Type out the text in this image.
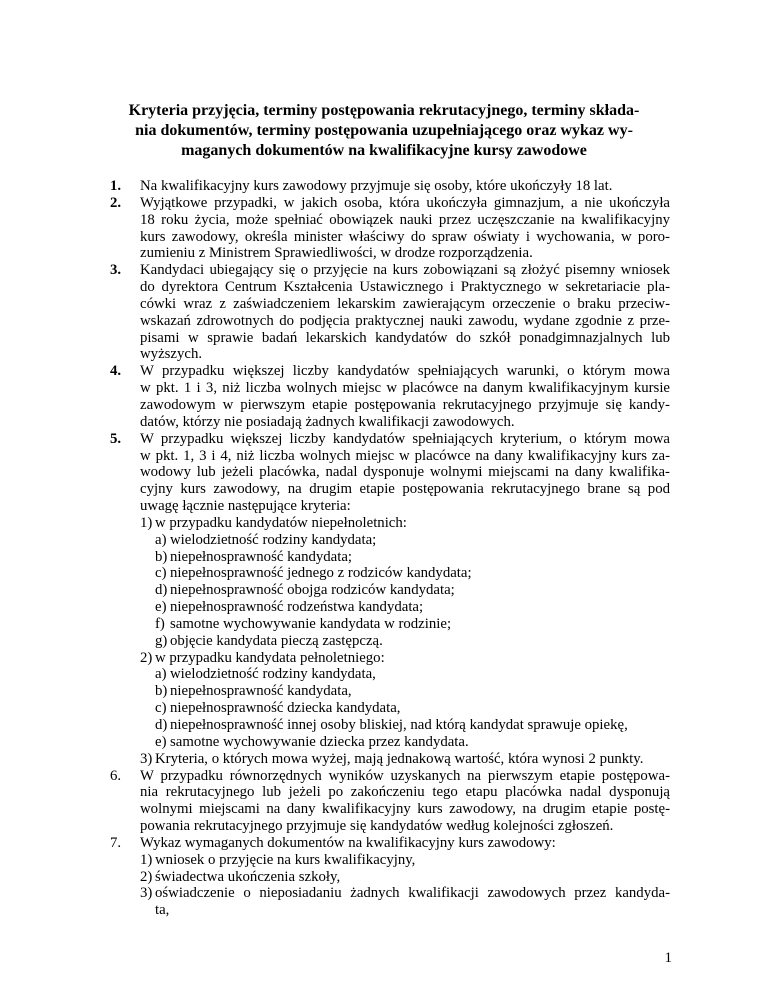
Kryteria przyjęcia, terminy postępowania rekrutacyjnego, terminy składa-
nia dokumentów, terminy postępowania uzupełniającego oraz wykaz wy-
maganych dokumentów na kwalifikacyjne kursy zawodowe
1. Na kwalifikacyjny kurs zawodowy przyjmuje się osoby, które ukończyły 18 lat.
2. Wyjątkowe przypadki, w jakich osoba, która ukończyła gimnazjum, a nie ukończyła
18 roku życia, może spełniać obowiązek nauki przez uczęszczanie na kwalifikacyjny
kurs zawodowy, określa minister właściwy do spraw oświaty i wychowania, w poro-
zumieniu z Ministrem Sprawiedliwości, w drodze rozporządzenia.
3. Kandydaci ubiegający się o przyjęcie na kurs zobowiązani są złożyć pisemny wniosek
do dyrektora Centrum Kształcenia Ustawicznego i Praktycznego w sekretariacie pla-
cówki wraz z zaświadczeniem lekarskim zawierającym orzeczenie o braku przeciw-
wskazań zdrowotnych do podjęcia praktycznej nauki zawodu, wydane zgodnie z prze-
pisami w sprawie badań lekarskich kandydatów do szkół ponadgimnazjalnych lub
wyższych.
4. W przypadku większej liczby kandydatów spełniających warunki, o którym mowa
w pkt. 1 i 3, niż liczba wolnych miejsc w placówce na danym kwalifikacyjnym kursie
zawodowym w pierwszym etapie postępowania rekrutacyjnego przyjmuje się kandy-
datów, którzy nie posiadają żadnych kwalifikacji zawodowych.
5. W przypadku większej liczby kandydatów spełniających kryterium, o którym mowa
w pkt. 1, 3 i 4, niż liczba wolnych miejsc w placówce na dany kwalifikacyjny kurs za-
wodowy lub jeżeli placówka, nadal dysponuje wolnymi miejscami na dany kwalifika-
cyjny kurs zawodowy, na drugim etapie postępowania rekrutacyjnego brane są pod
uwagę łącznie następujące kryteria:
1) w przypadku kandydatów niepełnoletnich:
a) wielodzietność rodziny kandydata;
b) niepełnosprawność kandydata;
c) niepełnosprawność jednego z rodziców kandydata;
d) niepełnosprawność obojga rodziców kandydata;
e) niepełnosprawność rodzeństwa kandydata;
f) samotne wychowywanie kandydata w rodzinie;
g) objęcie kandydata pieczą zastępczą.
2) w przypadku kandydata pełnoletniego:
a) wielodzietność rodziny kandydata,
b) niepełnosprawność kandydata,
c) niepełnosprawność dziecka kandydata,
d) niepełnosprawność innej osoby bliskiej, nad którą kandydat sprawuje opiekę,
e) samotne wychowywanie dziecka przez kandydata.
3) Kryteria, o których mowa wyżej, mają jednakową wartość, która wynosi 2 punkty.
6. W przypadku równorzędnych wyników uzyskanych na pierwszym etapie postępowa-
nia rekrutacyjnego lub jeżeli po zakończeniu tego etapu placówka nadal dysponują
wolnymi miejscami na dany kwalifikacyjny kurs zawodowy, na drugim etapie postę-
powania rekrutacyjnego przyjmuje się kandydatów według kolejności zgłoszeń.
7. Wykaz wymaganych dokumentów na kwalifikacyjny kurs zawodowy:
1) wniosek o przyjęcie na kurs kwalifikacyjny,
2) świadectwa ukończenia szkoły,
3) oświadczenie o nieposiadaniu żadnych kwalifikacji zawodowych przez kandyda-
ta,
1
